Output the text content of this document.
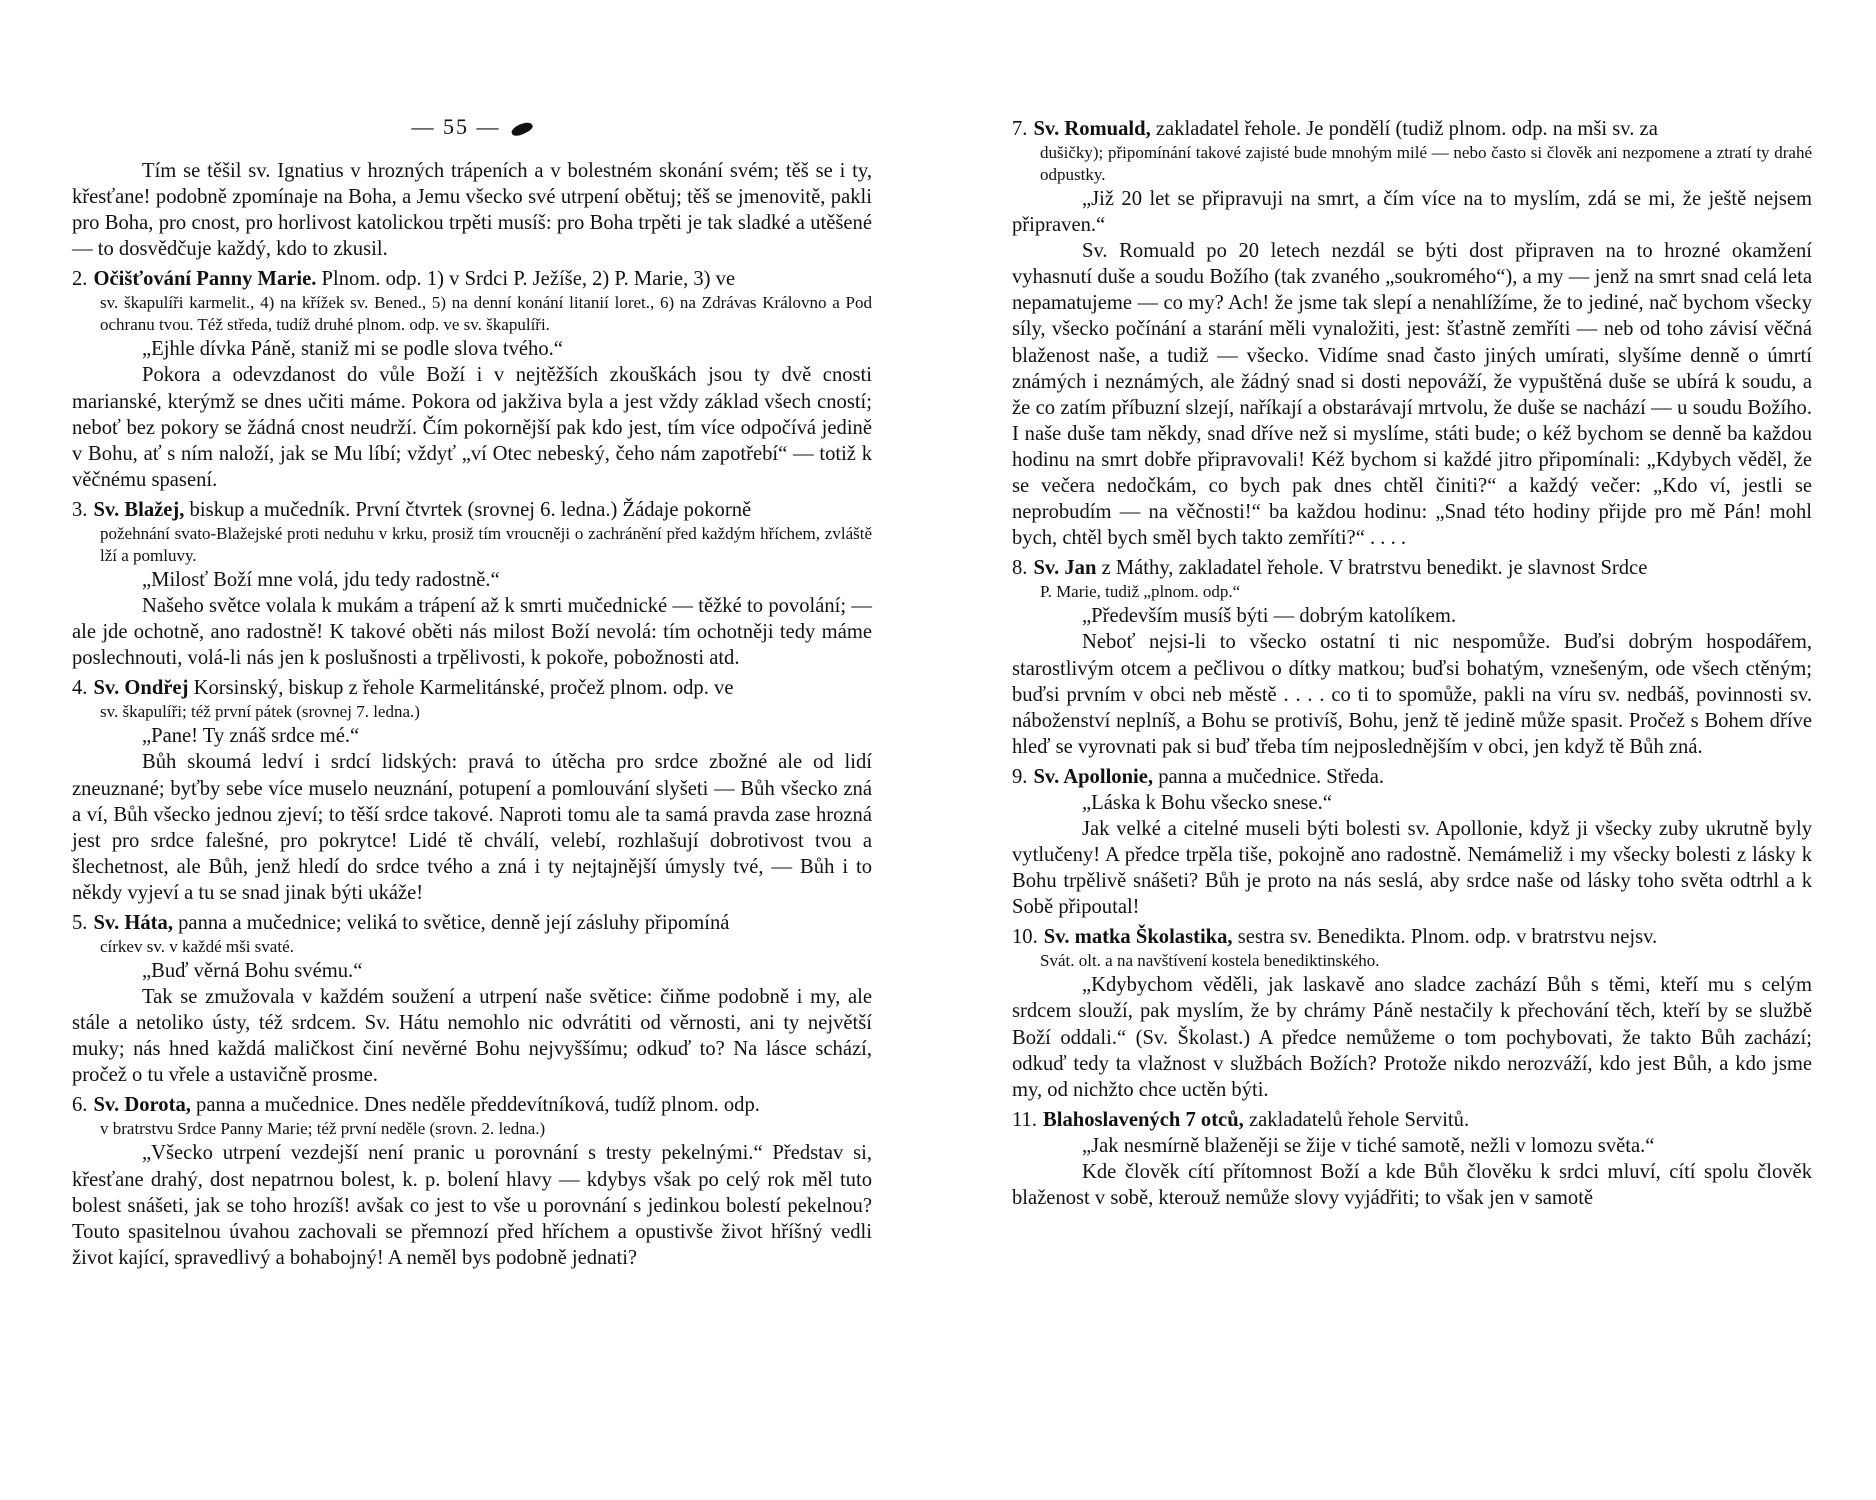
— 55 —

Tím se těšil sv. Ignatius v hrozných trápeních a v bolestném skonání svém; těš se i ty, křesťane! podobně zpomínaje na Boha, a Jemu všecko své utrpení obětuj; těš se jmenovitě, pakli pro Boha, pro cnost, pro horlivost katolickou trpěti musíš: pro Boha trpěti je tak sladké a utěšené — to dosvědčuje každý, kdo to zkusil.

2. Očišťování Panny Marie. Plnom. odp. 1) v Srdci P. Ježíše, 2) P. Marie, 3) ve
sv. škapulíři karmelit., 4) na křížek sv. Bened., 5) na denní konání litanií loret., 6) na Zdrávas Královno a Pod ochranu tvou. Též středa, tudíž druhé plnom. odp. ve sv. škapulíři.

„Ejhle dívka Páně, staniž mi se podle slova tvého.“

Pokora a odevzdanost do vůle Boží i v nejtěžších zkouškách jsou ty dvě cnosti marianské, kterýmž se dnes učiti máme. Pokora od jakživa byla a jest vždy základ všech cností; neboť bez pokory se žádná cnost neudrží. Čím pokornější pak kdo jest, tím více odpočívá jedině v Bohu, ať s ním naloží, jak se Mu líbí; vždyť „ví Otec nebeský, čeho nám zapotřebí“ — totiž k věčnému spasení.

3. Sv. Blažej, biskup a mučedník. První čtvrtek (srovnej 6. ledna.) Žádaje pokorně
požehnání svato-Blažejské proti neduhu v krku, prosiž tím vroucněji o zachránění před každým hříchem, zvláště lží a pomluvy.

„Milosť Boží mne volá, jdu tedy radostně.“

Našeho světce volala k mukám a trápení až k smrti mučednické — těžké to povolání; — ale jde ochotně, ano radostně! K takové oběti nás milost Boží nevolá: tím ochotněji tedy máme poslechnouti, volá-li nás jen k poslušnosti a trpělivosti, k pokoře, pobožnosti atd.

4. Sv. Ondřej Korsinský, biskup z řehole Karmelitánské, pročež plnom. odp. ve
sv. škapulíři; též první pátek (srovnej 7. ledna.)

„Pane! Ty znáš srdce mé.“

Bůh skoumá ledví i srdcí lidských: pravá to útěcha pro srdce zbožné ale od lidí zneuznané; byťby sebe více muselo neuznání, potupení a pomlouvání slyšeti — Bůh všecko zná a ví, Bůh všecko jednou zjeví; to těší srdce takové. Naproti tomu ale ta samá pravda zase hrozná jest pro srdce falešné, pro pokrytce! Lidé tě chválí, velebí, rozhlašují dobrotivost tvou a šlechetnost, ale Bůh, jenž hledí do srdce tvého a zná i ty nejtajnější úmysly tvé, — Bůh i to někdy vyjeví a tu se snad jinak býti ukáže!

5. Sv. Háta, panna a mučednice; veliká to světice, denně její zásluhy připomíná
církev sv. v každé mši svaté.

„Buď věrná Bohu svému.“

Tak se zmužovala v každém soužení a utrpení naše světice: čiňme podobně i my, ale stále a netoliko ústy, též srdcem. Sv. Hátu nemohlo nic odvrátiti od věrnosti, ani ty největší muky; nás hned každá maličkost činí nevěrné Bohu nejvyššímu; odkuď to? Na lásce schází, pročež o tu vřele a ustavičně prosme.

6. Sv. Dorota, panna a mučednice. Dnes neděle předdevítníková, tudíž plnom. odp.
v bratrstvu Srdce Panny Marie; též první neděle (srovn. 2. ledna.)

„Všecko utrpení vezdejší není pranic u porovnání s tresty pekelnými.“ Představ si, křesťane drahý, dost nepatrnou bolest, k. p. bolení hlavy — kdybys však po celý rok měl tuto bolest snášeti, jak se toho hrozíš! avšak co jest to vše u porovnání s jedinkou bolestí pekelnou? Touto spasitelnou úvahou zachovali se přemnozí před hříchem a opustivše život hříšný vedli život kající, spravedlivý a bohabojný! A neměl bys podobně jednati?

7. Sv. Romuald, zakladatel řehole. Je pondělí (tudiž plnom. odp. na mši sv. za
dušičky); připomínání takové zajisté bude mnohým milé — nebo často si člověk ani nezpomene a ztratí ty drahé odpustky.

„Již 20 let se připravuji na smrt, a čím více na to myslím, zdá se mi, že ještě nejsem připraven.“

Sv. Romuald po 20 letech nezdál se býti dost připraven na to hrozné okamžení vyhasnutí duše a soudu Božího (tak zvaného „soukromého“), a my — jenž na smrt snad celá leta nepamatujeme — co my? Ach! že jsme tak slepí a nenahlížíme, že to jediné, nač bychom všecky síly, všecko počínání a starání měli vynaložiti, jest: šťastně zemříti — neb od toho závisí věčná blaženost naše, a tudiž — všecko. Vidíme snad často jiných umírati, slyšíme denně o úmrtí známých i neznámých, ale žádný snad si dosti nepováží, že vypuštěná duše se ubírá k soudu, a že co zatím příbuzní slzejí, naříkají a obstarávají mrtvolu, že duše se nachází — u soudu Božího. I naše duše tam někdy, snad dříve než si myslíme, státi bude; o kéž bychom se denně ba každou hodinu na smrt dobře připravovali! Kéž bychom si každé jitro připomínali: „Kdybych věděl, že se večera nedočkám, co bych pak dnes chtěl činiti?“ a každý večer: „Kdo ví, jestli se neprobudím — na věčnosti!“ ba každou hodinu: „Snad této hodiny přijde pro mě Pán! mohl bych, chtěl bych směl bych takto zemříti?“ . . . .

8. Sv. Jan z Máthy, zakladatel řehole. V bratrstvu benedikt. je slavnost Srdce
P. Marie, tudiž „plnom. odp.“

„Především musíš býti — dobrým katolíkem.

Neboť nejsi-li to všecko ostatní ti nic nespomůže. Buďsi dobrým hospodářem, starostlivým otcem a pečlivou o dítky matkou; buďsi bohatým, vznešeným, ode všech ctěným; buďsi prvním v obci neb městě . . . . co ti to spomůže, pakli na víru sv. nedbáš, povinnosti sv. náboženství neplníš, a Bohu se protivíš, Bohu, jenž tě jedině může spasit. Pročež s Bohem dříve hleď se vyrovnati pak si buď třeba tím nejposlednějším v obci, jen když tě Bůh zná.

9. Sv. Apollonie, panna a mučednice. Středa.

„Láska k Bohu všecko snese.“

Jak velké a citelné museli býti bolesti sv. Apollonie, když ji všecky zuby ukrutně byly vytlučeny! A předce trpěla tiše, pokojně ano radostně. Nemámeliž i my všecky bolesti z lásky k Bohu trpělivě snášeti? Bůh je proto na nás seslá, aby srdce naše od lásky toho světa odtrhl a k Sobě připoutal!

10. Sv. matka Školastika, sestra sv. Benedikta. Plnom. odp. v bratrstvu nejsv.
Svát. olt. a na navštívení kostela benediktinského.

„Kdybychom věděli, jak laskavě ano sladce zachází Bůh s těmi, kteří mu s celým srdcem slouží, pak myslím, že by chrámy Páně nestačily k přechování těch, kteří by se službě Boží oddali.“ (Sv. Školast.) A předce nemůžeme o tom pochybovati, že takto Bůh zachází; odkuď tedy ta vlažnost v službách Božích? Protože nikdo nerozváží, kdo jest Bůh, a kdo jsme my, od nichžto chce uctěn býti.

11. Blahoslavených 7 otců, zakladatelů řehole Servitů.

„Jak nesmírně blaženěji se žije v tiché samotě, nežli v lomozu světa.“

Kde člověk cítí přítomnost Boží a kde Bůh člověku k srdci mluví, cítí spolu člověk blaženost v sobě, kterouž nemůže slovy vyjádřiti; to však jen v samotě
